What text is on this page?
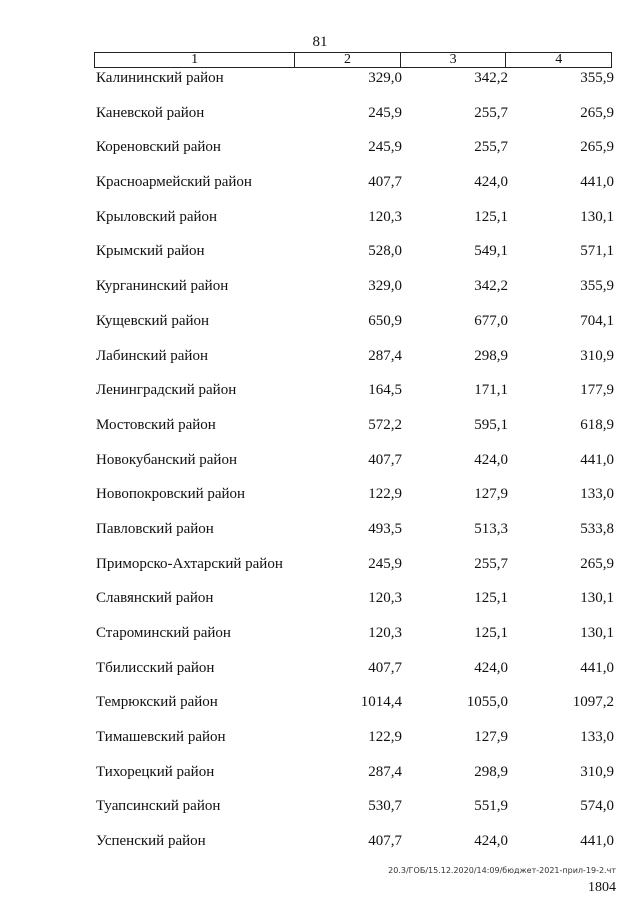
81
1	2	3	4
Калининский район	329,0	342,2	355,9
Каневской район	245,9	255,7	265,9
Кореновский район	245,9	255,7	265,9
Красноармейский район	407,7	424,0	441,0
Крыловский район	120,3	125,1	130,1
Крымский район	528,0	549,1	571,1
Курганинский район	329,0	342,2	355,9
Кущевский район	650,9	677,0	704,1
Лабинский район	287,4	298,9	310,9
Ленинградский район	164,5	171,1	177,9
Мостовский район	572,2	595,1	618,9
Новокубанский район	407,7	424,0	441,0
Новопокровский район	122,9	127,9	133,0
Павловский район	493,5	513,3	533,8
Приморско-Ахтарский район	245,9	255,7	265,9
Славянский район	120,3	125,1	130,1
Староминский район	120,3	125,1	130,1
Тбилисский район	407,7	424,0	441,0
Темрюкский район	1014,4	1055,0	1097,2
Тимашевский район	122,9	127,9	133,0
Тихорецкий район	287,4	298,9	310,9
Туапсинский район	530,7	551,9	574,0
Успенский район	407,7	424,0	441,0
20.3/ГОБ/15.12.2020/14:09/бюджет-2021-прил-19-2.чт
1804
